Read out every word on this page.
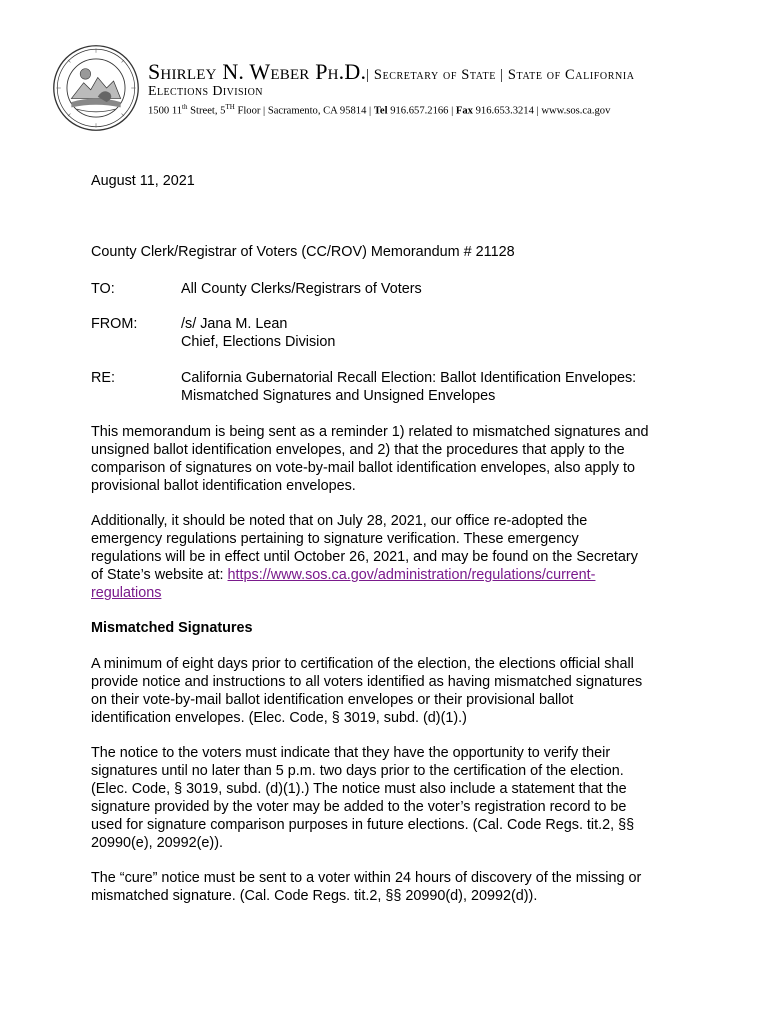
Shirley N. Weber Ph.D.| Secretary of State | State of California
Elections Division
1500 11th Street, 5TH Floor | Sacramento, CA 95814 | Tel 916.657.2166 | Fax 916.653.3214 | www.sos.ca.gov
August 11, 2021
County Clerk/Registrar of Voters (CC/ROV) Memorandum # 21128
TO:	All County Clerks/Registrars of Voters
FROM:	/s/ Jana M. Lean
Chief, Elections Division
RE:	California Gubernatorial Recall Election: Ballot Identification Envelopes:
Mismatched Signatures and Unsigned Envelopes
This memorandum is being sent as a reminder 1) related to mismatched signatures and
unsigned ballot identification envelopes, and 2) that the procedures that apply to the
comparison of signatures on vote-by-mail ballot identification envelopes, also apply to
provisional ballot identification envelopes.
Additionally, it should be noted that on July 28, 2021, our office re-adopted the
emergency regulations pertaining to signature verification. These emergency
regulations will be in effect until October 26, 2021, and may be found on the Secretary
of State’s website at: https://www.sos.ca.gov/administration/regulations/current-
regulations
Mismatched Signatures
A minimum of eight days prior to certification of the election, the elections official shall
provide notice and instructions to all voters identified as having mismatched signatures
on their vote-by-mail ballot identification envelopes or their provisional ballot
identification envelopes. (Elec. Code, § 3019, subd. (d)(1).)
The notice to the voters must indicate that they have the opportunity to verify their
signatures until no later than 5 p.m. two days prior to the certification of the election.
(Elec. Code, § 3019, subd. (d)(1).) The notice must also include a statement that the
signature provided by the voter may be added to the voter’s registration record to be
used for signature comparison purposes in future elections. (Cal. Code Regs. tit.2, §§
20990(e), 20992(e)).
The “cure” notice must be sent to a voter within 24 hours of discovery of the missing or
mismatched signature. (Cal. Code Regs. tit.2, §§ 20990(d), 20992(d)).
